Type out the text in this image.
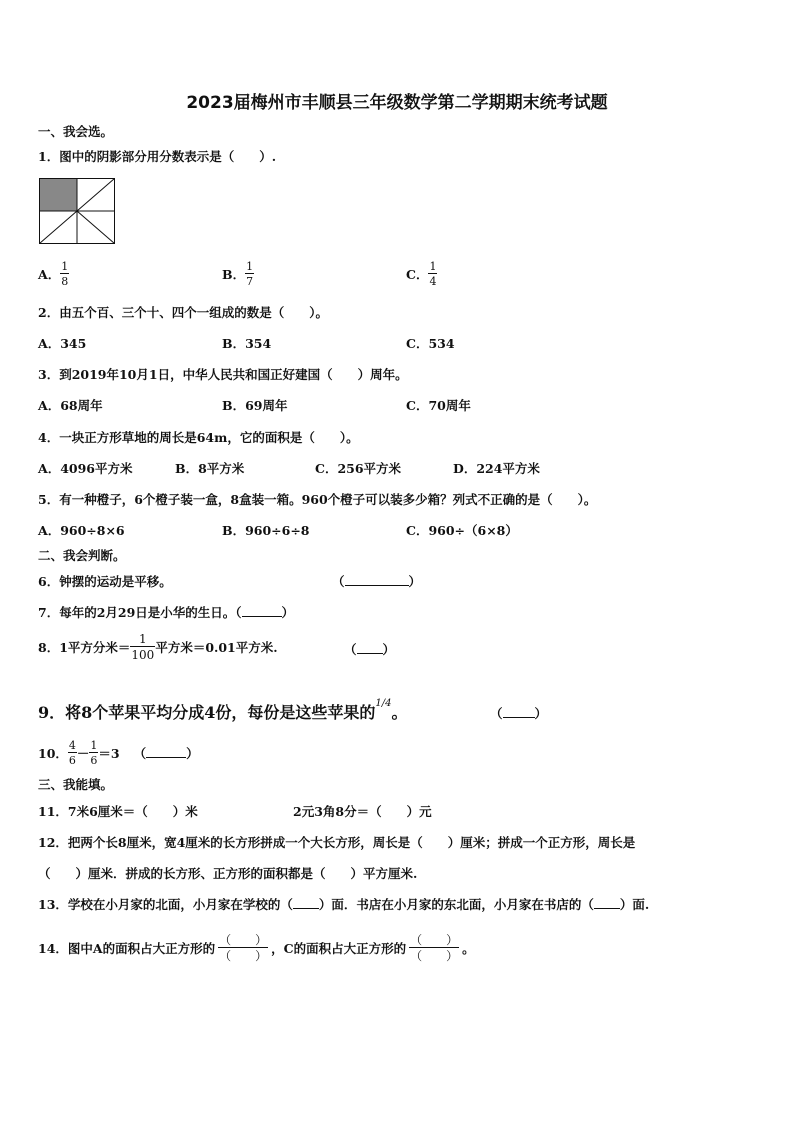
2023届梅州市丰顺县三年级数学第二学期期末统考试题
一、我会选。
1．图中的阴影部分用分数表示是（　　）.
A． $\frac{1}{8}$	B． $\frac{1}{7}$	C． $\frac{1}{4}$
2．由五个百、三个十、四个一组成的数是（　　）。
A．345	B．354	C．534
3．到2019年10月1日，中华人民共和国正好建国（　　）周年。
A．68周年	B．69周年	C．70周年
4．一块正方形草地的周长是64m，它的面积是（　　）。
A．4096平方米	B．8平方米	C．256平方米	D．224平方米
5．有一种橙子，6个橙子装一盒，8盒装一箱。960个橙子可以装多少箱？列式不正确的是（　　）。
A．960÷8×6	B．960÷6÷8	C．960÷（6×8）
二、我会判断。
6．钟摆的运动是平移。	（	）
7．每年的2月29日是小华的生日。（	）
8．1平方分米＝ $\frac{1}{100}$ 平方米＝0.01平方米.	（ ）
9．将8个苹果平均分成4份，每份是这些苹果的$^{1/4}$。	（	）
10． $\frac{4}{6} - \frac{1}{6} =3$ （	）
三、我能填。
11．7米6厘米＝（　　）米	2元3角8分＝（　　）元
12．把两个长8厘米，宽4厘米的长方形拼成一个大长方形，周长是（　　）厘米；拼成一个正方形，周长是
（　　）厘米．拼成的长方形、正方形的面积都是（　　）平方厘米.
13．学校在小月家的北面，小月家在学校的（ ）面．书店在小月家的东北面，小月家在书店的（ ）面.
14．图中A的面积占大正方形的 $\frac{( )}{( )}$ ，C的面积占大正方形的 $\frac{( )}{( )}$ 。
